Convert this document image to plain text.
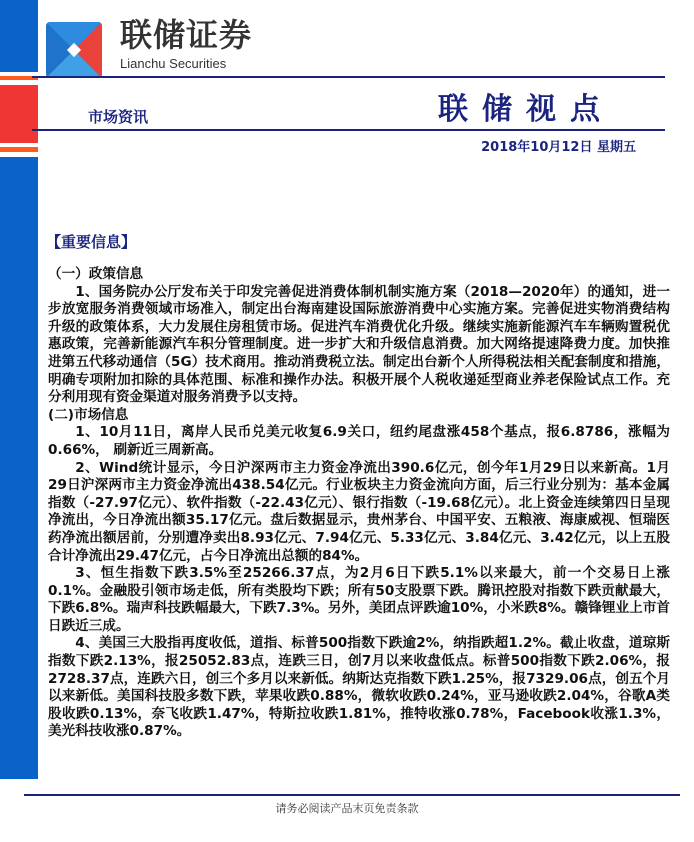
联储证券
Lianchu Securities
市场资讯	联储视点
2018年10月12日 星期五
【重要信息】

（一）政策信息

1、国务院办公厅发布关于印发完善促进消费体制机制实施方案（2018—2020年）的通知，进一步放宽服务消费领域市场准入，制定出台海南建设国际旅游消费中心实施方案。完善促进实物消费结构升级的政策体系，大力发展住房租赁市场。促进汽车消费优化升级。继续实施新能源汽车车辆购置税优惠政策，完善新能源汽车积分管理制度。进一步扩大和升级信息消费。加大网络提速降费力度。加快推进第五代移动通信（5G）技术商用。推动消费税立法。制定出台新个人所得税法相关配套制度和措施，明确专项附加扣除的具体范围、标准和操作办法。积极开展个人税收递延型商业养老保险试点工作。充分利用现有资金渠道对服务消费予以支持。

(二)市场信息

1、10月11日，离岸人民币兑美元收复6.9关口，纽约尾盘涨458个基点，报6.8786，涨幅为0.66%， 刷新近三周新高。

2、Wind统计显示，今日沪深两市主力资金净流出390.6亿元，创今年1月29日以来新高。1月29日沪深两市主力资金净流出438.54亿元。行业板块主力资金流向方面，后三行业分别为：基本金属指数（-27.97亿元）、软件指数（-22.43亿元）、银行指数（-19.68亿元）。北上资金连续第四日呈现净流出，今日净流出额35.17亿元。盘后数据显示，贵州茅台、中国平安、五粮液、海康威视、恒瑞医药净流出额居前，分别遭净卖出8.93亿元、7.94亿元、5.33亿元、3.84亿元、3.42亿元，以上五股合计净流出29.47亿元，占今日净流出总额的84%。

3、恒生指数下跌3.5%至25266.37点，为2月6日下跌5.1%以来最大，前一个交易日上涨0.1%。金融股引领市场走低，所有类股均下跌；所有50支股票下跌。腾讯控股对指数下跌贡献最大，下跌6.8%。瑞声科技跌幅最大，下跌7.3%。另外，美团点评跌逾10%，小米跌8%。赣锋锂业上市首日跌近三成。

4、美国三大股指再度收低，道指、标普500指数下跌逾2%，纳指跌超1.2%。截止收盘，道琼斯指数下跌2.13%，报25052.83点，连跌三日，创7月以来收盘低点。标普500指数下跌2.06%，报2728.37点，连跌六日，创三个多月以来新低。纳斯达克指数下跌1.25%，报7329.06点，创五个月以来新低。美国科技股多数下跌，苹果收跌0.88%，微软收跌0.24%，亚马逊收跌2.04%，谷歌A类股收跌0.13%，奈飞收跌1.47%，特斯拉收跌1.81%，推特收涨0.78%，Facebook收涨1.3%，美光科技收涨0.87%。

请务必阅读产品末页免责条款
